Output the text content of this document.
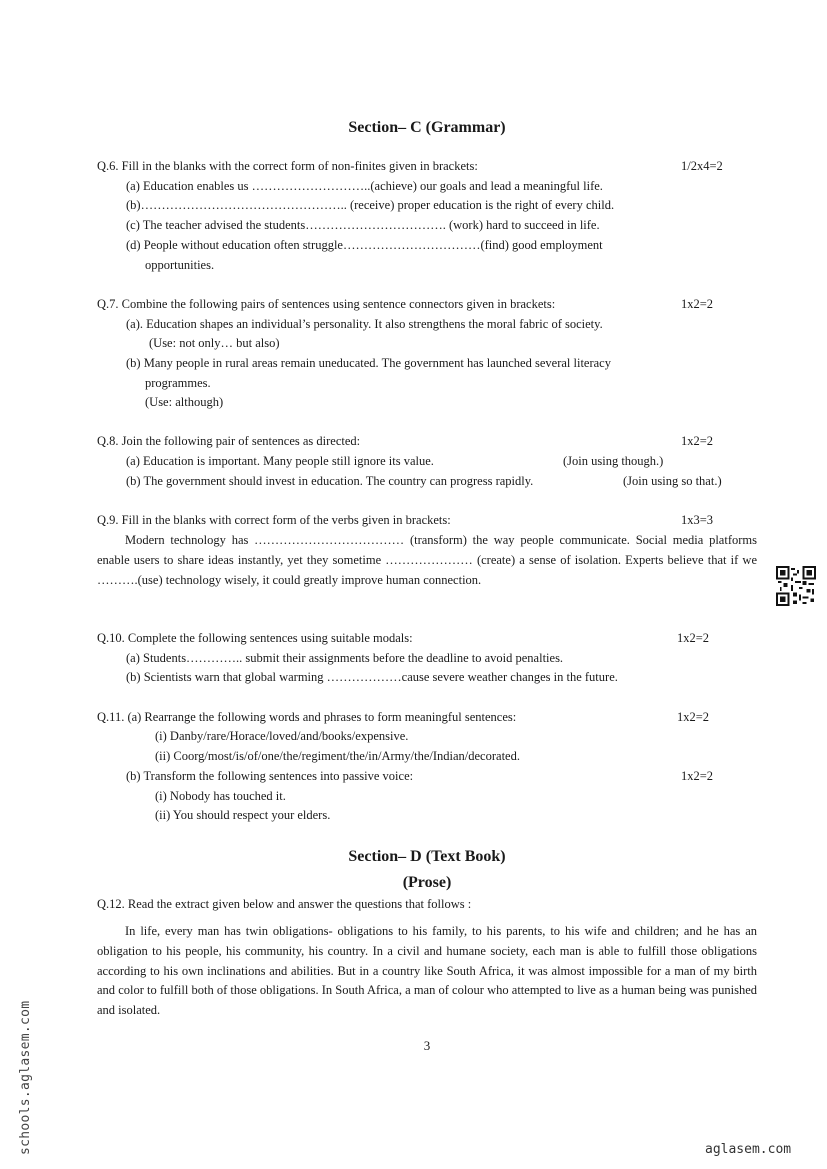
Section– C (Grammar)
Q.6. Fill in the blanks with the correct form of non-finites given in brackets:	1/2x4=2
(a) Education enables us ………………………..(achieve) our goals and lead a meaningful life.
(b)………………………………………….. (receive) proper education is the right of every child.
(c) The teacher advised the students……………………………. (work) hard to succeed in life.
(d) People without education often struggle……………………………(find) good employment
opportunities.
Q.7. Combine the following pairs of sentences using sentence connectors given in brackets:	1x2=2
(a). Education shapes an individual’s personality. It also strengthens the moral fabric of society.
(Use: not only… but also)
(b) Many people in rural areas remain uneducated. The government has launched several literacy
programmes.
(Use: although)
Q.8. Join the following pair of sentences as directed:	1x2=2
(a) Education is important. Many people still ignore its value.	(Join using though.)
(b) The government should invest in education. The country can progress rapidly.	(Join using so that.)
Q.9. Fill in the blanks with correct form of the verbs given in brackets:	1x3=3
Modern technology has ……………………………… (transform) the way people communicate. Social media platforms enable users to share ideas instantly, yet they sometime ………………… (create) a sense of isolation. Experts believe that if we ……….(use) technology wisely, it could greatly improve human connection.
Q.10. Complete the following sentences using suitable modals:	1x2=2
(a) Students………….. submit their assignments before the deadline to avoid penalties.
(b) Scientists warn that global warming ………………cause severe weather changes in the future.
Q.11. (a) Rearrange the following words and phrases to form meaningful sentences:	1x2=2
(i) Danby/rare/Horace/loved/and/books/expensive.
(ii) Coorg/most/is/of/one/the/regiment/the/in/Army/the/Indian/decorated.
(b) Transform the following sentences into passive voice:	1x2=2
(i) Nobody has touched it.
(ii) You should respect your elders.
Section– D (Text Book)
(Prose)
Q.12. Read the extract given below and answer the questions that follows :
In life, every man has twin obligations- obligations to his family, to his parents, to his wife and children; and he has an obligation to his people, his community, his country. In a civil and humane society, each man is able to fulfill those obligations according to his own inclinations and abilities. But in a country like South Africa, it was almost impossible for a man of my birth and color to fulfill both of those obligations. In South Africa, a man of colour who attempted to live as a human being was punished and isolated.
3
schools.aglasem.com	aglasem.com
